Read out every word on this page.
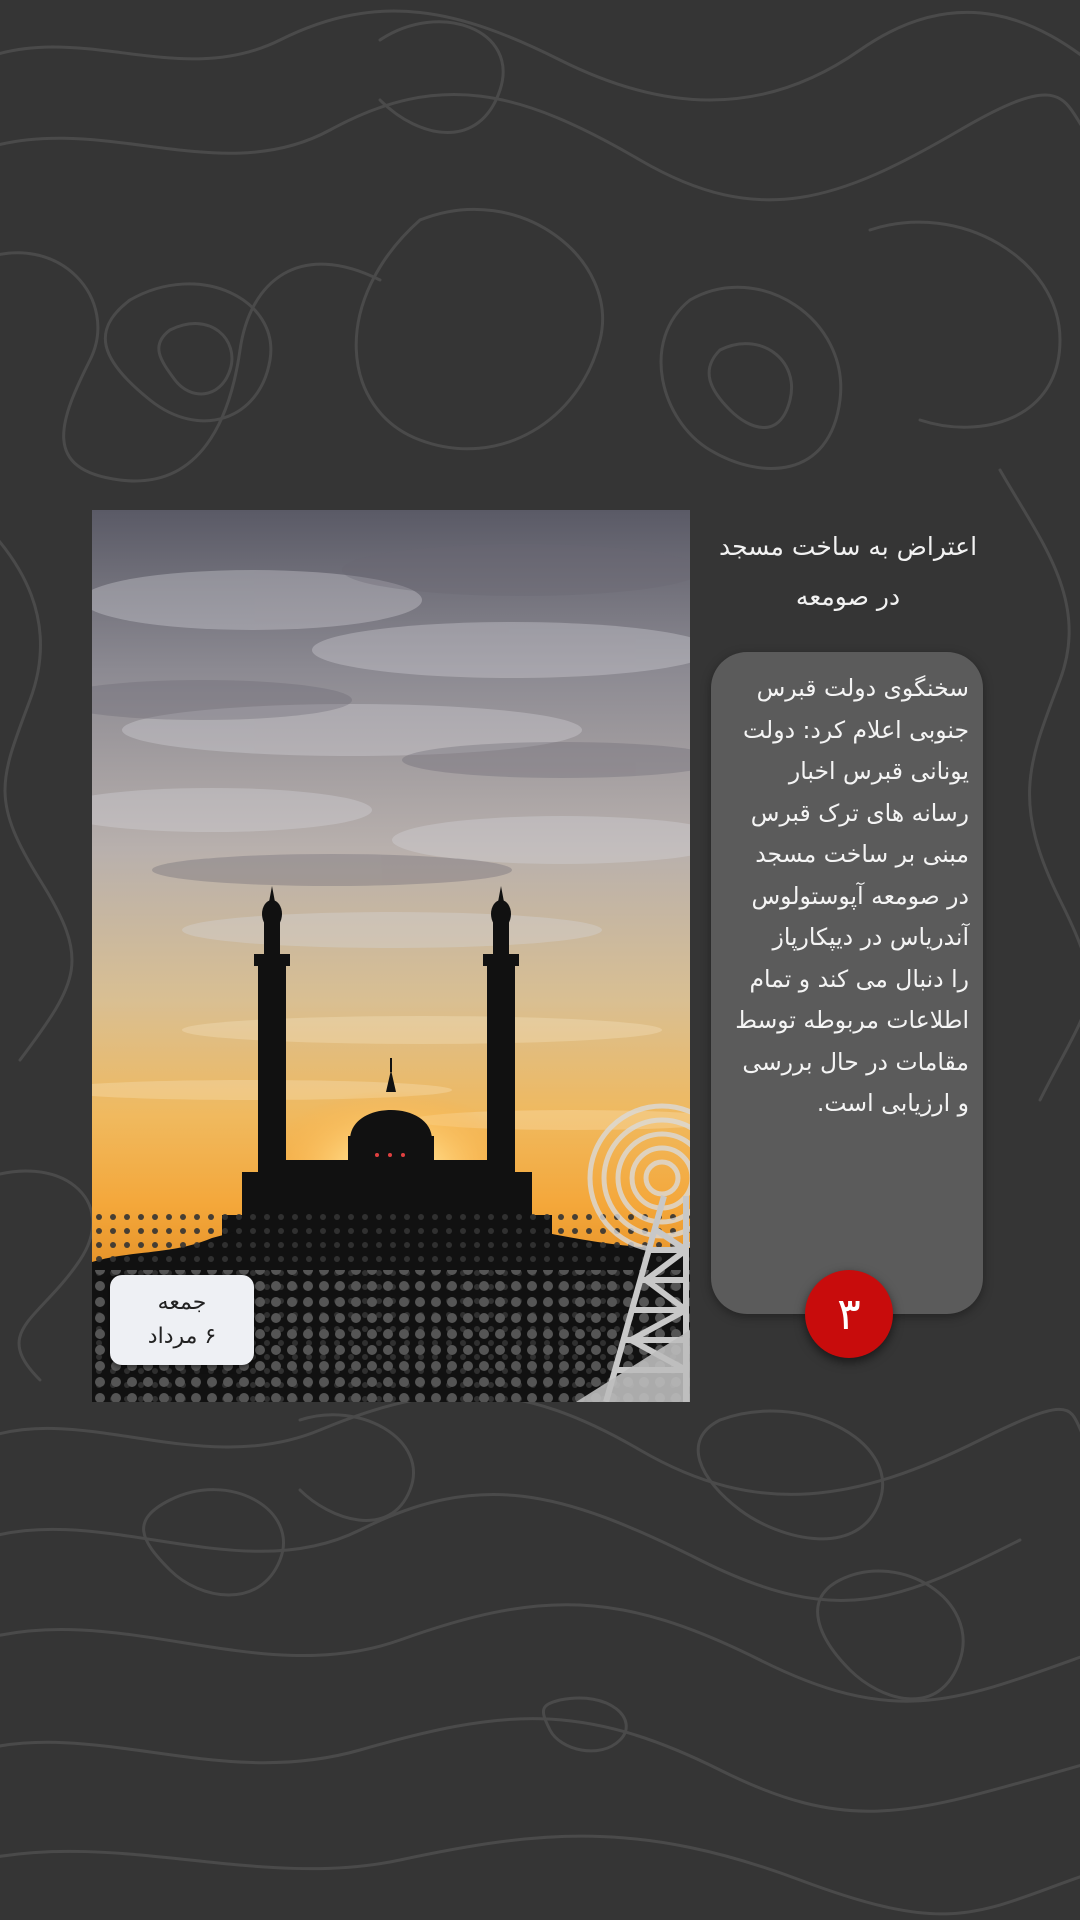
جمعه
۶ مرداد
اعتراض به ساخت مسجد
در صومعه
سخنگوی دولت قبرس
جنوبی اعلام کرد: دولت
یونانی قبرس اخبار
رسانه های ترک قبرس
مبنی بر ساخت مسجد
در صومعه آپوستولوس
آندریاس در دیپکارپاز
را دنبال می کند و تمام
اطلاعات مربوطه توسط
مقامات در حال بررسی
و ارزیابی است.
۳
